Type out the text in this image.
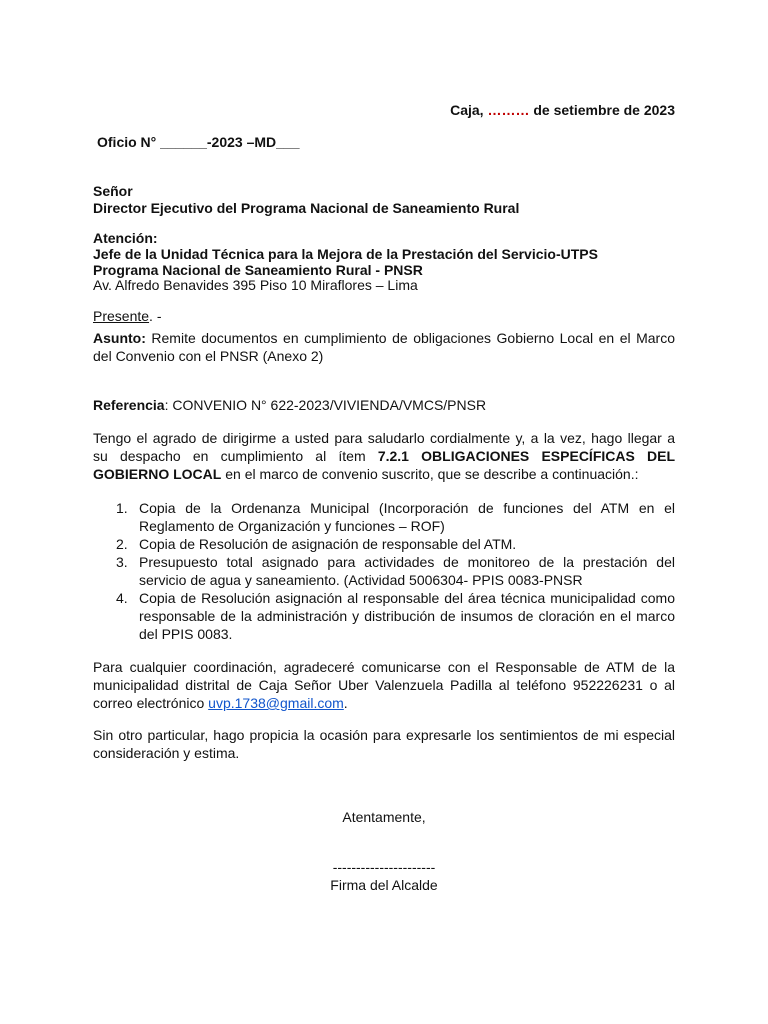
Caja, ……… de setiembre de 2023
Oficio N° ______-2023 –MD___
Señor
Director Ejecutivo del Programa Nacional de Saneamiento Rural
Atención:
Jefe de la Unidad Técnica para la Mejora de la Prestación del Servicio-UTPS
Programa Nacional de Saneamiento Rural - PNSR
Av. Alfredo Benavides 395 Piso 10 Miraflores – Lima
Presente. -
Asunto: Remite documentos en cumplimiento de obligaciones Gobierno Local en el Marco
del Convenio con el PNSR (Anexo 2)
Referencia: CONVENIO N° 622-2023/VIVIENDA/VMCS/PNSR
Tengo el agrado de dirigirme a usted para saludarlo cordialmente y, a la vez, hago llegar a
su despacho en cumplimiento al ítem 7.2.1 OBLIGACIONES ESPECÍFICAS DEL
GOBIERNO LOCAL en el marco de convenio suscrito, que se describe a continuación.:
1. Copia de la Ordenanza Municipal (Incorporación de funciones del ATM en el
Reglamento de Organización y funciones – ROF)
2. Copia de Resolución de asignación de responsable del ATM.
3. Presupuesto total asignado para actividades de monitoreo de la prestación del
servicio de agua y saneamiento. (Actividad 5006304- PPIS 0083-PNSR
4. Copia de Resolución asignación al responsable del área técnica municipalidad como
responsable de la administración y distribución de insumos de cloración en el marco
del PPIS 0083.
Para cualquier coordinación, agradeceré comunicarse con el Responsable de ATM de la
municipalidad distrital de Caja Señor Uber Valenzuela Padilla al teléfono 952226231 o al
correo electrónico uvp.1738@gmail.com.
Sin otro particular, hago propicia la ocasión para expresarle los sentimientos de mi especial
consideración y estima.
Atentamente,
----------------------
Firma del Alcalde
